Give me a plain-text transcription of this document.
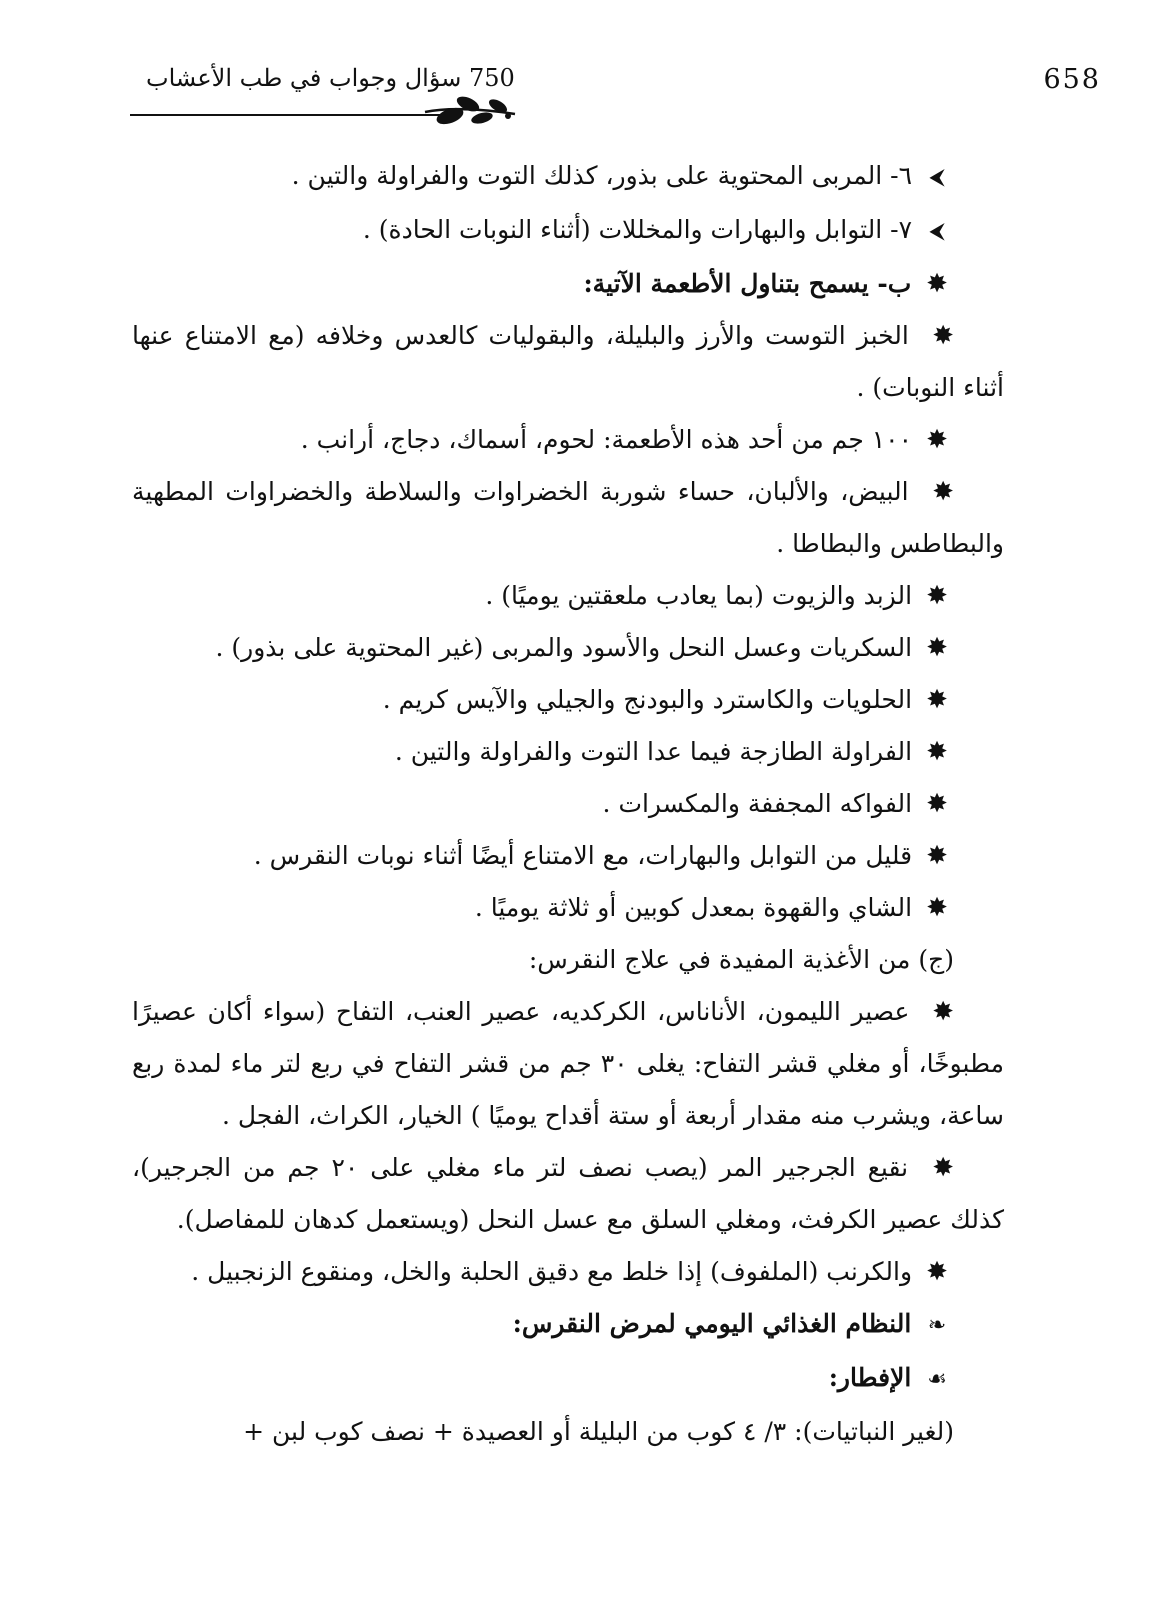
658
750 سؤال وجواب في طب الأعشاب

⮜ ٦- المربى المحتوية على بذور، كذلك التوت والفراولة والتين .

⮜ ٧- التوابل والبهارات والمخللات (أثناء النوبات الحادة) .

✸ ب- يسمح بتناول الأطعمة الآتية:

✸ الخبز التوست والأرز والبليلة، والبقوليات كالعدس وخلافه (مع الامتناع عنها أثناء النوبات) .

✸ ١٠٠ جم من أحد هذه الأطعمة: لحوم، أسماك، دجاج، أرانب .

✸ البيض، والألبان، حساء شوربة الخضراوات والسلاطة والخضراوات المطهية والبطاطس والبطاطا .

✸ الزبد والزيوت (بما يعادب ملعقتين يوميًا) .

✸ السكريات وعسل النحل والأسود والمربى (غير المحتوية على بذور) .

✸ الحلويات والكاسترد والبودنج والجيلي والآيس كريم .

✸ الفراولة الطازجة فيما عدا التوت والفراولة والتين .

✸ الفواكه المجففة والمكسرات .

✸ قليل من التوابل والبهارات، مع الامتناع أيضًا أثناء نوبات النقرس .

✸ الشاي والقهوة بمعدل كوبين أو ثلاثة يوميًا .

(ج) من الأغذية المفيدة في علاج النقرس:

✸ عصير الليمون، الأناناس، الكركديه، عصير العنب، التفاح (سواء أكان عصيرًا مطبوخًا، أو مغلي قشر التفاح: يغلى ٣٠ جم من قشر التفاح في ربع لتر ماء لمدة ربع ساعة، ويشرب منه مقدار أربعة أو ستة أقداح يوميًا ) الخيار، الكراث، الفجل .

✸ نقيع الجرجير المر (يصب نصف لتر ماء مغلي على ٢٠ جم من الجرجير)، كذلك عصير الكرفث، ومغلي السلق مع عسل النحل (ويستعمل كدهان للمفاصل).

✸ والكرنب (الملفوف) إذا خلط مع دقيق الحلبة والخل، ومنقوع الزنجبيل .

❧ النظام الغذائي اليومي لمرض النقرس:

☙ الإفطار:

(لغير النباتيات): ٣/ ٤ كوب من البليلة أو العصيدة + نصف كوب لبن +
